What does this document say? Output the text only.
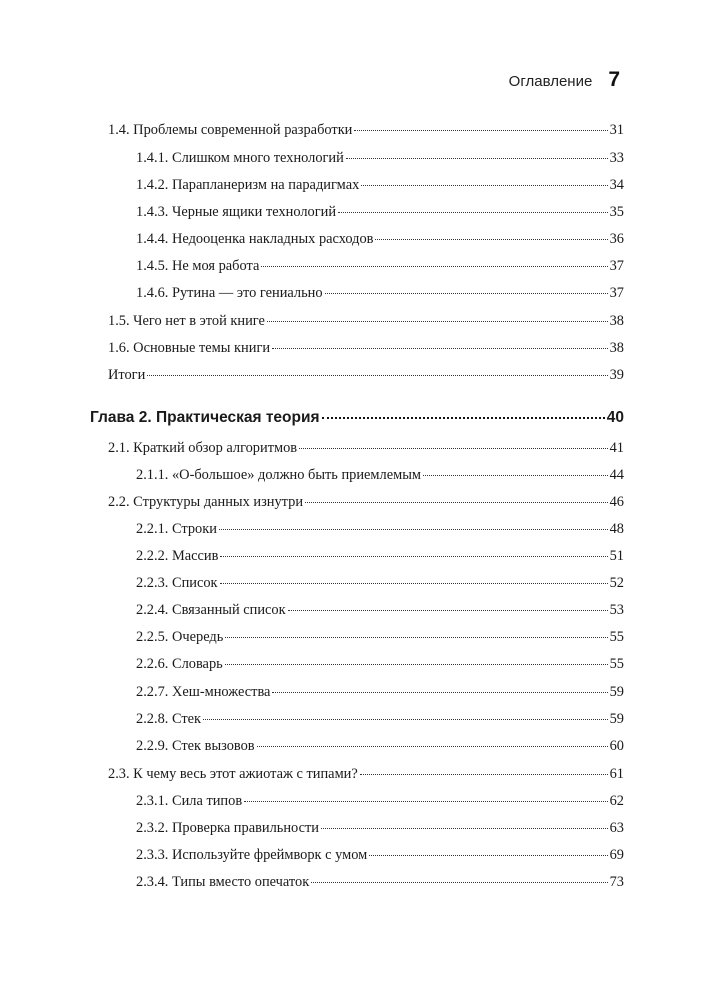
Оглавление 7
1.4. Проблемы современной разработки	31
1.4.1. Слишком много технологий	33
1.4.2. Парапланеризм на парадигмах	34
1.4.3. Черные ящики технологий	35
1.4.4. Недооценка накладных расходов	36
1.4.5. Не моя работа	37
1.4.6. Рутина — это гениально	37
1.5. Чего нет в этой книге	38
1.6. Основные темы книги	38
Итоги	39
Глава 2. Практическая теория	40
2.1. Краткий обзор алгоритмов	41
2.1.1. «О-большое» должно быть приемлемым	44
2.2. Структуры данных изнутри	46
2.2.1. Строки	48
2.2.2. Массив	51
2.2.3. Список	52
2.2.4. Связанный список	53
2.2.5. Очередь	55
2.2.6. Словарь	55
2.2.7. Хеш-множества	59
2.2.8. Стек	59
2.2.9. Стек вызовов	60
2.3. К чему весь этот ажиотаж с типами?	61
2.3.1. Сила типов	62
2.3.2. Проверка правильности	63
2.3.3. Используйте фреймворк с умом	69
2.3.4. Типы вместо опечаток	73
